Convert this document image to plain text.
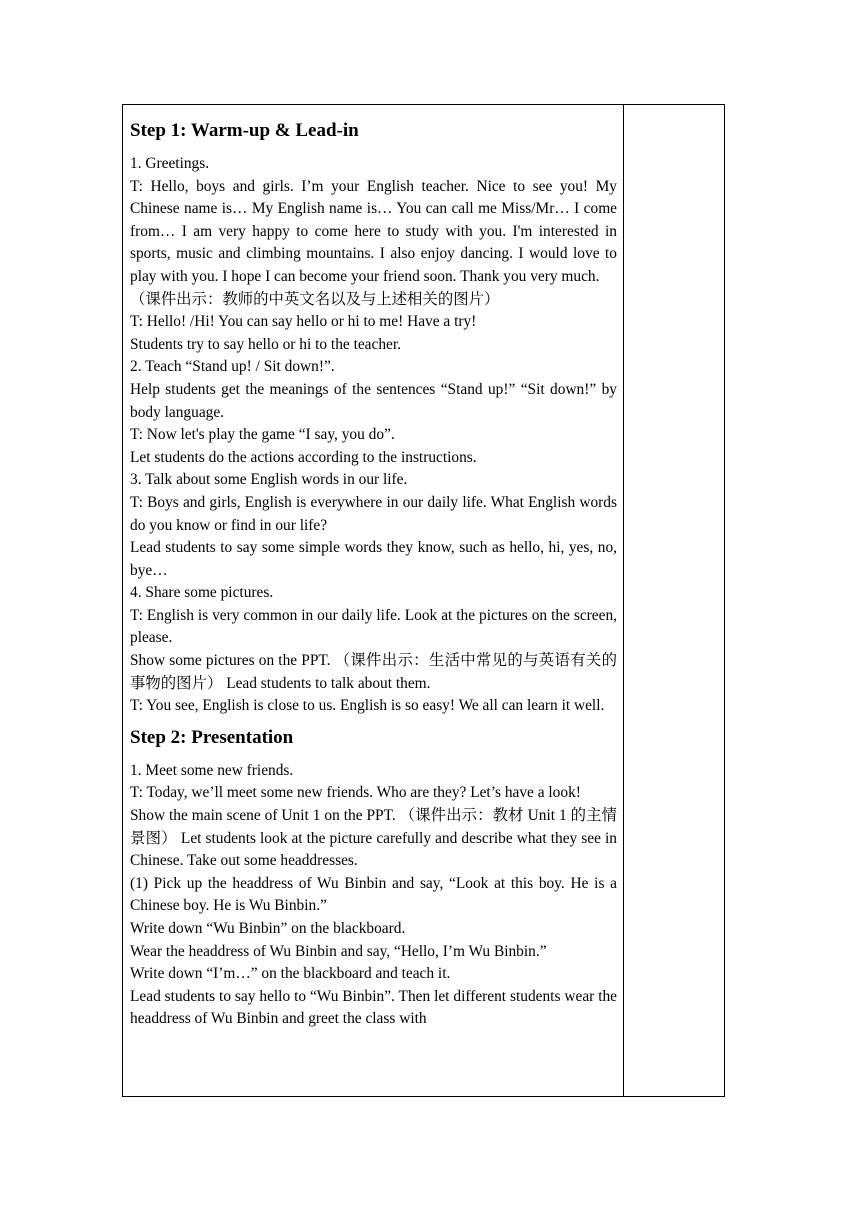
Step 1: Warm-up & Lead-in

1. Greetings.

T: Hello, boys and girls. I’m your English teacher. Nice to see you! My Chinese name is… My English name is… You can call me Miss/Mr… I come from… I am very happy to come here to study with you. I'm interested in sports, music and climbing mountains. I also enjoy dancing. I would love to play with you. I hope I can become your friend soon. Thank you very much.

（课件出示：教师的中英文名以及与上述相关的图片）

T: Hello! /Hi! You can say hello or hi to me! Have a try!

Students try to say hello or hi to the teacher.

2. Teach “Stand up! / Sit down!”.

Help students get the meanings of the sentences “Stand up!” “Sit down!” by body language.

T: Now let's play the game “I say, you do”.

Let students do the actions according to the instructions.

3. Talk about some English words in our life.

T: Boys and girls, English is everywhere in our daily life. What English words do you know or find in our life?

Lead students to say some simple words they know, such as hello, hi, yes, no, bye…

4. Share some pictures.

T: English is very common in our daily life. Look at the pictures on the screen, please.

Show some pictures on the PPT. （课件出示：生活中常见的与英语有关的事物的图片） Lead students to talk about them.

T: You see, English is close to us. English is so easy! We all can learn it well.

Step 2: Presentation

1. Meet some new friends.

T: Today, we’ll meet some new friends. Who are they? Let’s have a look!

Show the main scene of Unit 1 on the PPT. （课件出示：教材 Unit 1 的主情景图） Let students look at the picture carefully and describe what they see in Chinese. Take out some headdresses.

(1) Pick up the headdress of Wu Binbin and say, “Look at this boy. He is a Chinese boy. He is Wu Binbin.”

Write down “Wu Binbin” on the blackboard.

Wear the headdress of Wu Binbin and say, “Hello, I’m Wu Binbin.”

Write down “I’m…” on the blackboard and teach it.

Lead students to say hello to “Wu Binbin”. Then let different students wear the headdress of Wu Binbin and greet the class with
